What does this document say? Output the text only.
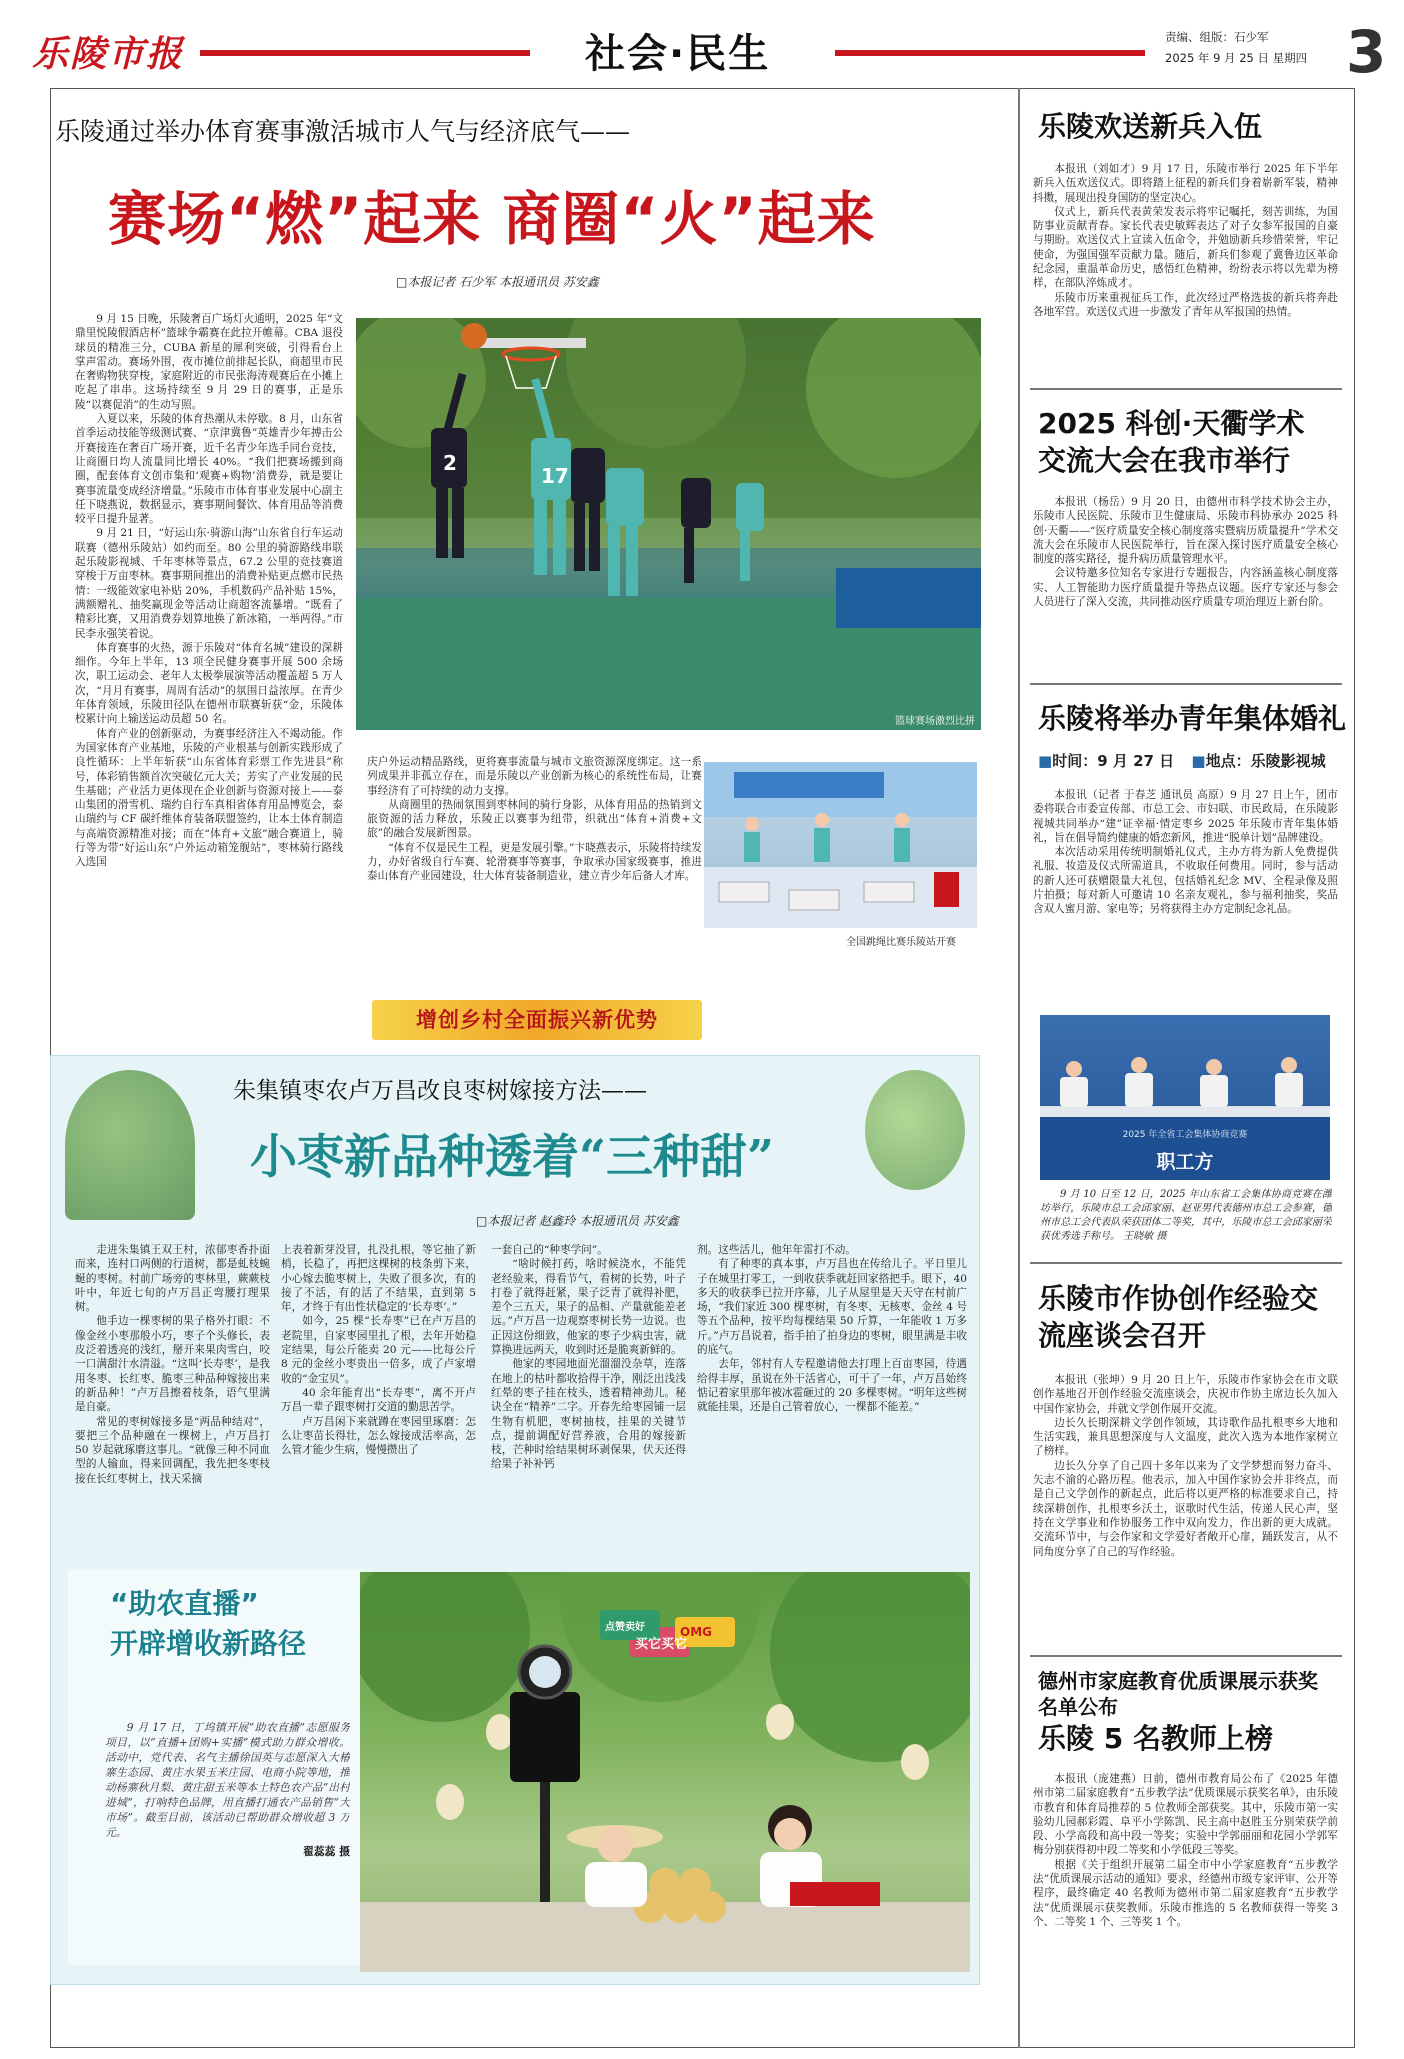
乐陵市报	社会·民生	责编、组版：石少军
2025 年 9 月 25 日 星期四 3
乐陵通过举办体育赛事激活城市人气与经济底气——
赛场“燃”起来 商圈“火”起来
□本报记者 石少军 本报通讯员 苏安鑫

9 月 15 日晚，乐陵奢百广场灯火通明，2025 年“文鼎里悦陵假酒店杯”篮球争霸赛在此拉开帷幕。CBA 退役球员的精准三分，CUBA 新星的犀利突破，引得看台上掌声雷动。赛场外围，夜市摊位前排起长队，商超里市民在奢购物狭穿梭，家庭附近的市民张海涛观赛后在小摊上吃起了串串。这场持续至 9 月 29 日的赛事，正是乐陵“以赛促消”的生动写照。

入夏以来，乐陵的体育热潮从未停歇。8 月，山东省首季运动技能等级测试赛、“京津冀鲁”英雄青少年搏击公开赛接连在奢百广场开赛，近千名青少年选手同台竞技，让商圈日均人流量同比增长 40%。“我们把赛场搬到商圈，配套体育文创市集和‘观赛+购物’消费券，就是要让赛事流量变成经济增量。”乐陵市市体育事业发展中心副主任下晓燕说，数据显示，赛事期间餐饮、体育用品等消费较平日提升显著。

9 月 21 日，“好运山东·骑游山海”山东省自行车运动联赛（德州乐陵站）如约而至。80 公里的骑游路线串联起乐陵影视城、千年枣林等景点，67.2 公里的竞技赛道穿梭于万亩枣林。赛事期间推出的消费补贴更点燃市民热情：一级能效家电补贴 20%，手机数码产品补贴 15%，满额赠礼、抽奖赢现金等活动让商超客流暴增。“既看了精彩比赛，又用消费券划算地换了新冰箱，一举两得。”市民李永强笑着说。

体育赛事的火热，源于乐陵对“体育名城”建设的深耕细作。今年上半年，13 项全民健身赛事开展 500 余场次，职工运动会、老年人太极拳展演等活动覆盖超 5 万人次，“月月有赛事，周周有活动”的氛围日益浓厚。在青少年体育领域，乐陵田径队在德州市联赛斩获“金，乐陵体校累计向上输送运动员超 50 名。

体育产业的创新驱动，为赛事经济注入不竭动能。作为国家体育产业基地，乐陵的产业根基与创新实践形成了良性循环：上半年斩获“山东省体育彩票工作先进县”称号，体彩销售额首次突破亿元大关；芳实了产业发展的民生基础；产业活力更体现在企业创新与资源对接上——泰山集团的滑雪机、瑞约自行车真相省体育用品博览会，泰山瑞约与 CF 碳纤维体育装备联盟签约，让本土体育制造与高端资源精准对接；而在“体育+文旅”融合赛道上，骑行等为带“好运山东”户外运动箱笼舰站”，枣林骑行路线入选国

2
17
篮球赛场激烈比拼

庆户外运动精品路线，更将赛事流量与城市文旅资源深度绑定。这一系列成果并非孤立存在，而是乐陵以产业创新为核心的系统性布局，让赛事经济有了可持续的动力支撑。

从商圈里的热闹氛围到枣林间的骑行身影，从体育用品的热销到文旅资源的活力释放，乐陵正以赛事为纽带，织就出“体育+消费+文旅”的融合发展新图景。

“体育不仅是民生工程，更是发展引擎。”卞晓燕表示，乐陵将持续发力，办好省级自行车赛、轮滑赛事等赛事，争取承办国家级赛事，推进泰山体育产业园建设，壮大体育装备制造业，建立青少年后备人才库。

全国跳绳比赛乐陵站开赛
乐陵欢送新兵入伍

本报讯（刘如才）9 月 17 日，乐陵市举行 2025 年下半年新兵入伍欢送仪式。即将踏上征程的新兵们身着崭新军装，精神抖擞，展现出投身国防的坚定决心。

仪式上，新兵代表黄荣发表示将牢记嘱托，刻苦训练，为国防事业贡献青春。家长代表史敏辉表达了对子女参军报国的自豪与期盼。欢送仪式上宣读入伍命令，并勉励新兵珍惜荣誉，牢记使命，为强国强军贡献力量。随后，新兵们参观了冀鲁边区革命纪念园，重温革命历史，感悟红色精神，纷纷表示将以先辈为榜样，在部队淬炼成才。

乐陵市历来重视征兵工作，此次经过严格选拔的新兵将奔赴各地军营。欢送仪式进一步激发了青年从军报国的热情。

2025 科创·天衢学术交流大会在我市举行

本报讯（杨岳）9 月 20 日，由德州市科学技术协会主办，乐陵市人民医院、乐陵市卫生健康局、乐陵市科协承办 2025 科创·天衢——“医疗质量安全核心制度落实暨病历质量提升”学术交流大会在乐陵市人民医院举行，旨在深入探讨医疗质量安全核心制度的落实路径，提升病历质量管理水平。

会议特邀多位知名专家进行专题报告，内容涵盖核心制度落实、人工智能助力医疗质量提升等热点议题。医疗专家还与参会人员进行了深入交流，共同推动医疗质量专项治理迈上新台阶。

乐陵将举办青年集体婚礼
■时间：9 月 27 日 ■地点：乐陵影视城

本报讯（记者 于春芝 通讯员 高原）9 月 27 日上午，团市委将联合市委宣传部、市总工会、市妇联、市民政局，在乐陵影视城共同举办“建”证幸福·情定枣乡 2025 年乐陵市青年集体婚礼，旨在倡导简约健康的婚恋新风，推进“脱单计划”品牌建设。

本次活动采用传统明制婚礼仪式，主办方将为新人免费提供礼服、妆造及仪式所需道具，不收取任何费用。同时，参与活动的新人还可获赠限量大礼包，包括婚礼纪念 MV、全程录像及照片拍摄；每对新人可邀请 10 名亲友观礼，参与福利抽奖，奖品含双人蜜月游、家电等；另将获得主办方定制纪念礼品。

2025 年全省工会集体协商竞赛
职工方

9 月 10 日至 12 日，2025 年山东省工会集体协商竞赛在潍坊举行，乐陵市总工会邱家丽、赵亚男代表德州市总工会参赛，德州市总工会代表队荣获团体二等奖，其中，乐陵市总工会邱家丽荣获优秀选手称号。 王晓敏 摄

乐陵市作协创作经验交流座谈会召开

本报讯（张坤）9 月 20 日上午，乐陵市作家协会在市文联创作基地召开创作经验交流座谈会，庆祝市作协主席边长久加入中国作家协会，并就文学创作展开交流。

边长久长期深耕文学创作领域，其诗歌作品扎根枣乡大地和生活实践，兼具思想深度与人文温度，此次入选为本地作家树立了榜样。

边长久分享了自己四十多年以来为了文学梦想而努力奋斗、矢志不渝的心路历程。他表示，加入中国作家协会并非终点，而是自己文学创作的新起点，此后将以更严格的标准要求自己，持续深耕创作，扎根枣乡沃土，讴歌时代生活，传递人民心声，坚持在文学事业和作协服务工作中双向发力，作出新的更大成就。交流环节中，与会作家和文学爱好者敞开心扉，踊跃发言，从不同角度分享了自己的写作经验。

德州市家庭教育优质课展示获奖名单公布
乐陵 5 名教师上榜

本报讯（庞建燕）日前，德州市教育局公布了《2025 年德州市第二届家庭教育“五步教学法”优质课展示获奖名单》，由乐陵市教育和体育局推荐的 5 位教师全部获奖。其中，乐陵市第一实验幼儿园郝彩霞、阜平小学陈凯、民主高中赵胜玉分别荣获学前段、小学高段和高中段一等奖；实验中学郭丽丽和花园小学郭军梅分别获得初中段二等奖和小学低段三等奖。

根据《关于组织开展第二届全市中小学家庭教育“五步教学法”优质课展示活动的通知》要求，经德州市级专家评审、公开等程序，最终确定 40 名教师为德州市第二届家庭教育“五步教学法”优质课展示获奖教师。乐陵市推选的 5 名教师获得一等奖 3 个、二等奖 1 个、三等奖 1 个。

增创乡村全面振兴新优势
朱集镇枣农卢万昌改良枣树嫁接方法——
小枣新品种透着“三种甜”
□本报记者 赵鑫玲 本报通讯员 苏安鑫

走进朱集镇王双王村，浓郁枣香扑面而来，连村口两侧的行道树，都是虬枝蜿蜒的枣树。村前广场旁的枣林里，蕨蕨枝叶中，年近七旬的卢万昌正弯腰打理果树。

他手边一棵枣树的果子格外打眼：不像金丝小枣那般小巧，枣子个头修长，表皮泛着透亮的浅红，掰开来果肉雪白，咬一口满甜汁水清溢。“这叫‘长寿枣’，是我用冬枣、长红枣、脆枣三种品种嫁接出来的新品种！”卢万昌擦着枝条，语气里满是自豪。

常见的枣树嫁接多是“两品种结对”，要把三个品种融在一棵树上，卢万昌打 50 岁起就琢磨这事儿。“就像三种不同血型的人输血，得来回调配，我先把冬枣枝接在长红枣树上，找天采摘

上表着新芽没冒，扎没扎根，等它抽了新梢，长稳了，再把这棵树的枝条剪下来，小心嫁去脆枣树上，失败了很多次，有的接了不活，有的活了不结果，直到第 5 年，才终于有出性状稳定的‘长寿枣’。”

如今，25 棵“长寿枣”已在卢万昌的老院里，自家枣园里扎了根，去年开始稳定结果，每公斤能卖 20 元——比每公斤 8 元的金丝小枣贵出一倍多，成了卢家增收的“金宝贝”。

40 余年能育出“长寿枣”，离不开卢万昌一辈子跟枣树打交道的勤思苦学。

卢万昌闲下来就蹲在枣园里琢磨：怎么让枣苗长得壮，怎么嫁接成活率高，怎么管才能少生病，慢慢攒出了

一套自己的“种枣学问”。

“啥时候打药，啥时候浇水，不能凭老经验来，得看节气，看树的长势，叶子打卷了就得赶紧，果子泛青了就得补肥，差个三五天，果子的品相、产量就能差老远。”卢万昌一边观察枣树长势一边说。也正因这份细致，他家的枣子少病虫害，就算换进远两天，收到时还是脆爽新鲜的。

他家的枣园地面光溜溜没杂草，连落在地上的枯叶都收拾得干净，刚泛出浅浅红晕的枣子挂在枝头，透着精神劲儿。秘诀全在“精养”二字。开春先给枣园铺一层生物有机肥，枣树抽枝，挂果的关键节点，提前调配好营养液，合用的嫁接新枝，芒种时给结果树环剥保果，伏天还得给果子补补钙

剂。这些活儿，他年年雷打不动。

有了种枣的真本事，卢万昌也在传给儿子。平日里儿子在城里打零工，一到收获季就赶回家搭把手。眼下，40 多天的收获季已拉开序幕，儿子从屋里是天天守在村前广场，“我们家近 300 棵枣树，有冬枣、无核枣、金丝 4 号等五个品种，按平均每棵结果 50 斤算，一年能收 1 万多斤。”卢万昌说着，指手拍了拍身边的枣树，眼里满是丰收的底气。

去年，邻村有人专程邀请他去打理上百亩枣园，待遇给得丰厚，虽说在外干活省心，可干了一年，卢万昌始终惦记着家里那年被冰雹砸过的 20 多棵枣树。“明年这些树就能挂果，还是自己管着放心，一棵都不能差。”

“助农直播”
开辟增收新路径

9 月 17 日，丁坞镇开展“助农直播”志愿服务项目，以“直播+团购+实播”模式助力群众增收。活动中，党代表、名气主播徐国英与志愿深入大椿寨生态园、黄庄水果玉米庄园、电商小院等地，推动杨寨秋月梨、黄庄甜玉米等本土特色农产品“出村进城”，打响特色品牌，用直播打通农产品销售“大市场”。截至目前，该活动已帮助群众增收超 3 万元。

翟蕊蕊 摄
点赞卖好	OMG
买它买它
